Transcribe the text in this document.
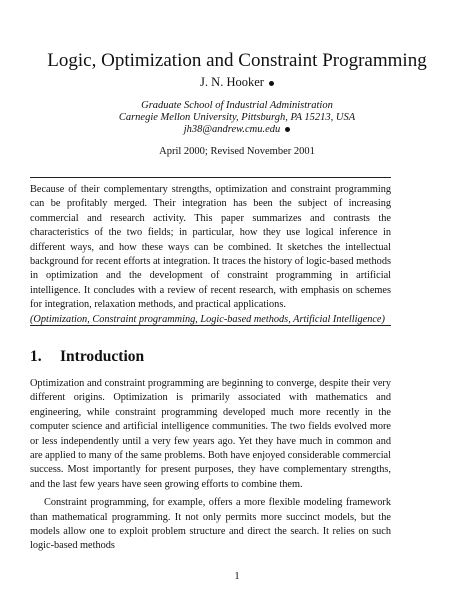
Logic, Optimization and Constraint Programming
J. N. Hooker
Graduate School of Industrial Administration
Carnegie Mellon University, Pittsburgh, PA 15213, USA
jh38@andrew.cmu.edu
April 2000; Revised November 2001

Because of their complementary strengths, optimization and constraint programming can be profitably merged. Their integration has been the subject of increasing commercial and research activity. This paper summarizes and contrasts the characteristics of the two fields; in particular, how they use logical inference in different ways, and how these ways can be combined. It sketches the intellectual background for recent efforts at integration. It traces the history of logic-based methods in optimization and the development of constraint programming in artificial intelligence. It concludes with a review of recent research, with emphasis on schemes for integration, relaxation methods, and practical applications.

(Optimization, Constraint programming, Logic-based methods, Artificial Intelligence)

1. Introduction

Optimization and constraint programming are beginning to converge, despite their very different origins. Optimization is primarily associated with mathematics and engineering, while constraint programming developed much more recently in the computer science and artificial intelligence communities. The two fields evolved more or less independently until a very few years ago. Yet they have much in common and are applied to many of the same problems. Both have enjoyed considerable commercial success. Most importantly for present purposes, they have complementary strengths, and the last few years have seen growing efforts to combine them.

Constraint programming, for example, offers a more flexible modeling framework than mathematical programming. It not only permits more succinct models, but the models allow one to exploit problem structure and direct the search. It relies on such logic-based methods

1
